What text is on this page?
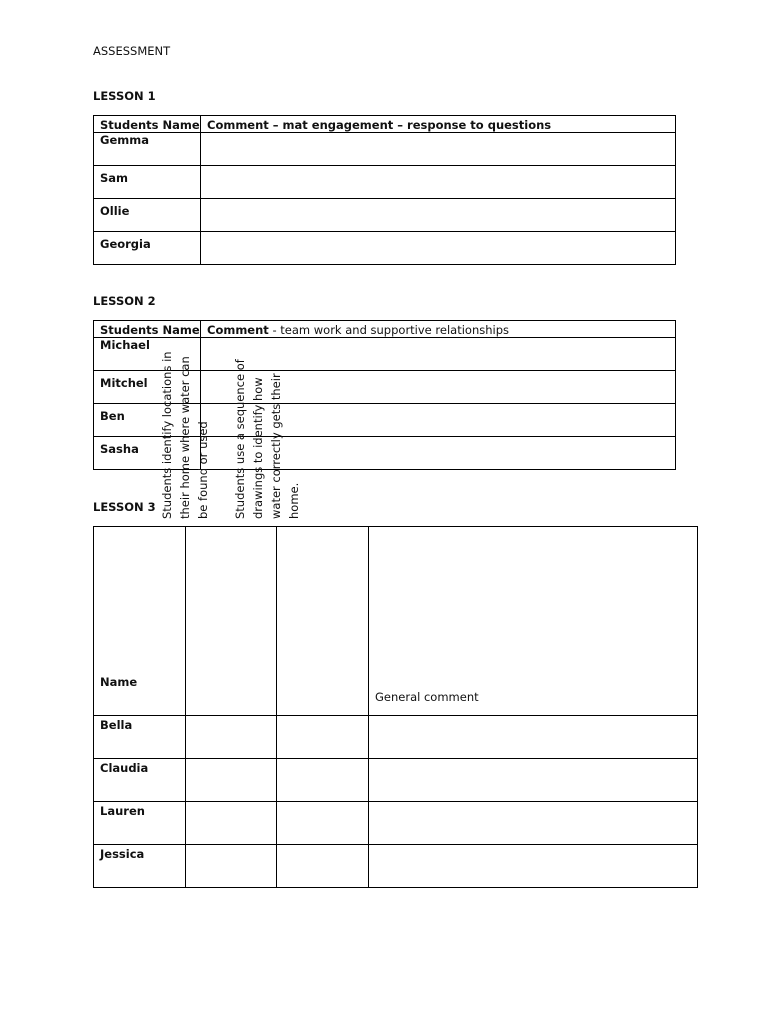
ASSESSMENT
LESSON 1
Students Name	Comment – mat engagement – response to questions

Gemma	

Sam	

Ollie	

Georgia	

LESSON 2
Students Name	Comment - team work and supportive relationships

Michael	

Mitchel	

Ben	

Sasha	

LESSON 3
Name	Students identify locations in their home where water can be found or used	Students use a sequence of drawings to identify how water correctly gets their home.	General comment

Bella			

Claudia			

Lauren			

Jessica			
